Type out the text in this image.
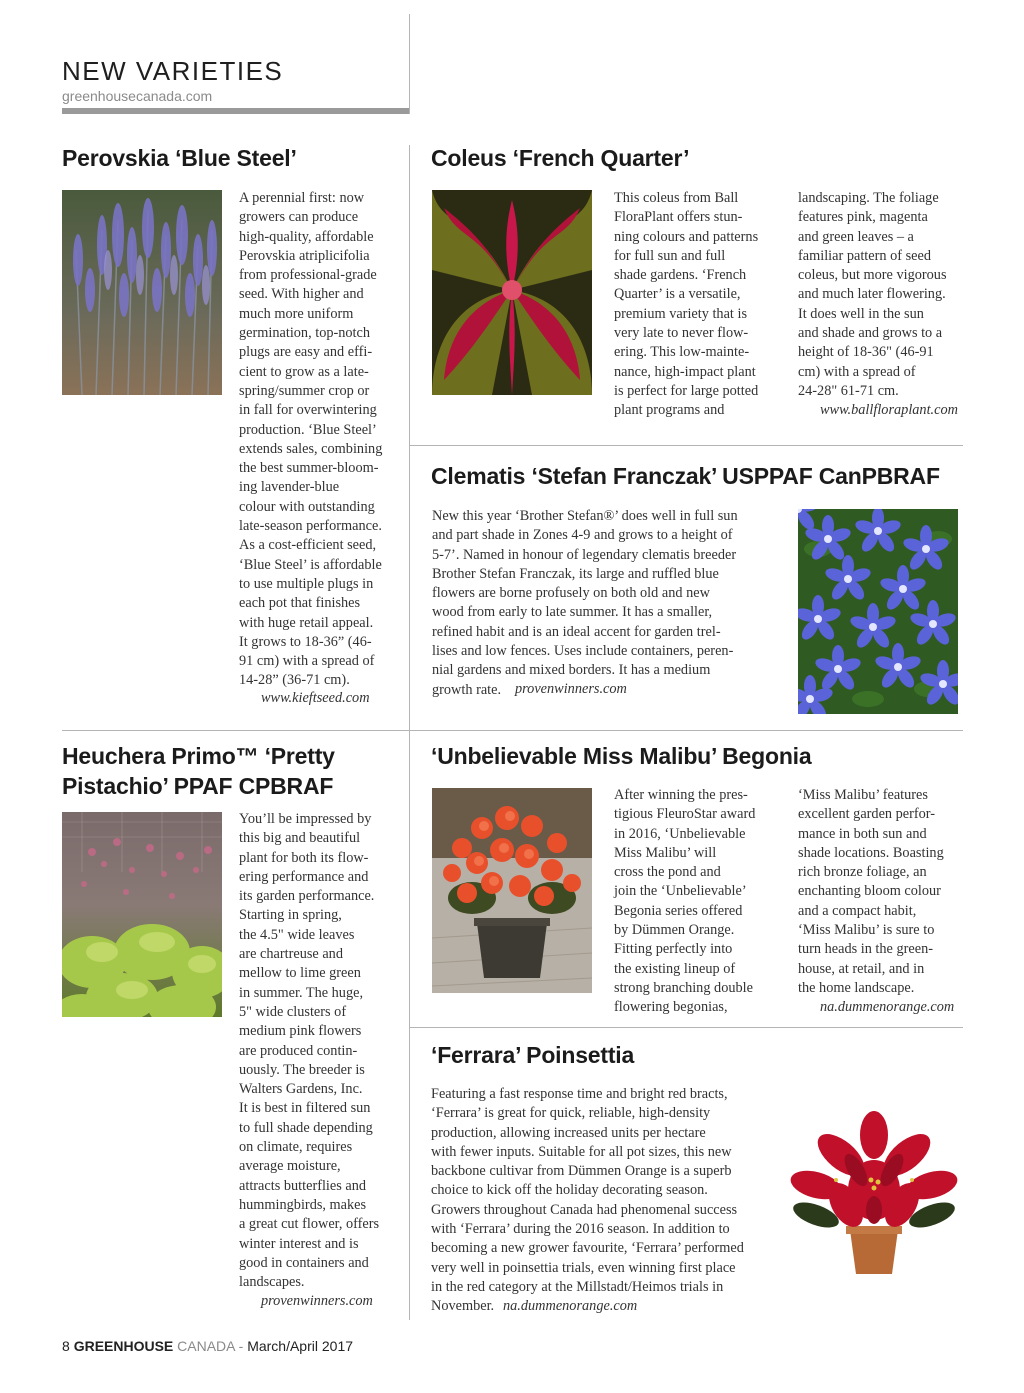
NEW VARIETIES
greenhousecanada.com
Perovskia ‘Blue Steel’

A perennial first: now
growers can produce
high-quality, affordable
Perovskia atriplicifolia
from professional-grade
seed. With higher and
much more uniform
germination, top-notch
plugs are easy and effi-
cient to grow as a late-
spring/summer crop or
in fall for overwintering
production. ‘Blue Steel’
extends sales, combining
the best summer-bloom-
ing lavender-blue
colour with outstanding
late-season performance.
As a cost-efficient seed,
‘Blue Steel’ is affordable
to use multiple plugs in
each pot that finishes
with huge retail appeal.
It grows to 18-36” (46-
91 cm) with a spread of
14-28” (36-71 cm).

www.kieftseed.com

Coleus ‘French Quarter’

This coleus from Ball
FloraPlant offers stun-
ning colours and patterns
for full sun and full
shade gardens. ‘French
Quarter’ is a versatile,
premium variety that is
very late to never flow-
ering. This low-mainte-
nance, high-impact plant
is perfect for large potted
plant programs and

landscaping. The foliage
features pink, magenta
and green leaves – a
familiar pattern of seed
coleus, but more vigorous
and much later flowering.
It does well in the sun
and shade and grows to a
height of 18-36" (46-91
cm) with a spread of
24-28" 61-71 cm.

www.ballfloraplant.com

Clematis ‘Stefan Franczak’ USPPAF CanPBRAF

New this year ‘Brother Stefan®’ does well in full sun
and part shade in Zones 4-9 and grows to a height of
5-7’. Named in honour of legendary clematis breeder
Brother Stefan Franczak, its large and ruffled blue
flowers are borne profusely on both old and new
wood from early to late summer. It has a smaller,
refined habit and is an ideal accent for garden trel-
lises and low fences. Uses include containers, peren-
nial gardens and mixed borders. It has a medium
growth rate. provenwinners.com

Heuchera Primo™ ‘Pretty
Pistachio’ PPAF CPBRAF

You’ll be impressed by
this big and beautiful
plant for both its flow-
ering performance and
its garden performance.
Starting in spring,
the 4.5" wide leaves
are chartreuse and
mellow to lime green
in summer. The huge,
5" wide clusters of
medium pink flowers
are produced contin-
uously. The breeder is
Walters Gardens, Inc.
It is best in filtered sun
to full shade depending
on climate, requires
average moisture,
attracts butterflies and
hummingbirds, makes
a great cut flower, offers
winter interest and is
good in containers and
landscapes.

provenwinners.com

‘Unbelievable Miss Malibu’ Begonia

After winning the pres-
tigious FleuroStar award
in 2016, ‘Unbelievable
Miss Malibu’ will
cross the pond and
join the ‘Unbelievable’
Begonia series offered
by Dümmen Orange.
Fitting perfectly into
the existing lineup of
strong branching double
flowering begonias,

‘Miss Malibu’ features
excellent garden perfor-
mance in both sun and
shade locations. Boasting
rich bronze foliage, an
enchanting bloom colour
and a compact habit,
‘Miss Malibu’ is sure to
turn heads in the green-
house, at retail, and in
the home landscape.

na.dummenorange.com

‘Ferrara’ Poinsettia

Featuring a fast response time and bright red bracts,
‘Ferrara’ is great for quick, reliable, high-density
production, allowing increased units per hectare
with fewer inputs. Suitable for all pot sizes, this new
backbone cultivar from Dümmen Orange is a superb
choice to kick off the holiday decorating season.
Growers throughout Canada had phenomenal success
with ‘Ferrara’ during the 2016 season. In addition to
becoming a new grower favourite, ‘Ferrara’ performed
very well in poinsettia trials, even winning first place
in the red category at the Millstadt/Heimos trials in
November. na.dummenorange.com

8 GREENHOUSE CANADA - March/April 2017
